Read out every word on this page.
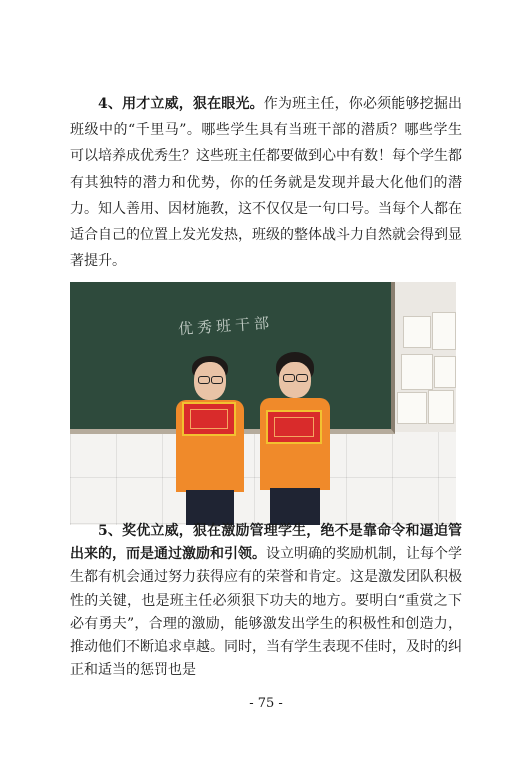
4、用才立威，狠在眼光。作为班主任，你必须能够挖掘出班级中的“千里马”。哪些学生具有当班干部的潜质？哪些学生可以培养成优秀生？这些班主任都要做到心中有数！每个学生都有其独特的潜力和优势，你的任务就是发现并最大化他们的潜力。知人善用、因材施教，这不仅仅是一句口号。当每个人都在适合自己的位置上发光发热，班级的整体战斗力自然就会得到显著提升。

优秀班干部

5、奖优立威，狠在激励管理学生，绝不是靠命令和逼迫管出来的，而是通过激励和引领。设立明确的奖励机制，让每个学生都有机会通过努力获得应有的荣誉和肯定。这是激发团队积极性的关键，也是班主任必须狠下功夫的地方。要明白“重赏之下必有勇夫”，合理的激励，能够激发出学生的积极性和创造力，推动他们不断追求卓越。同时，当有学生表现不佳时，及时的纠正和适当的惩罚也是

- 75 -
